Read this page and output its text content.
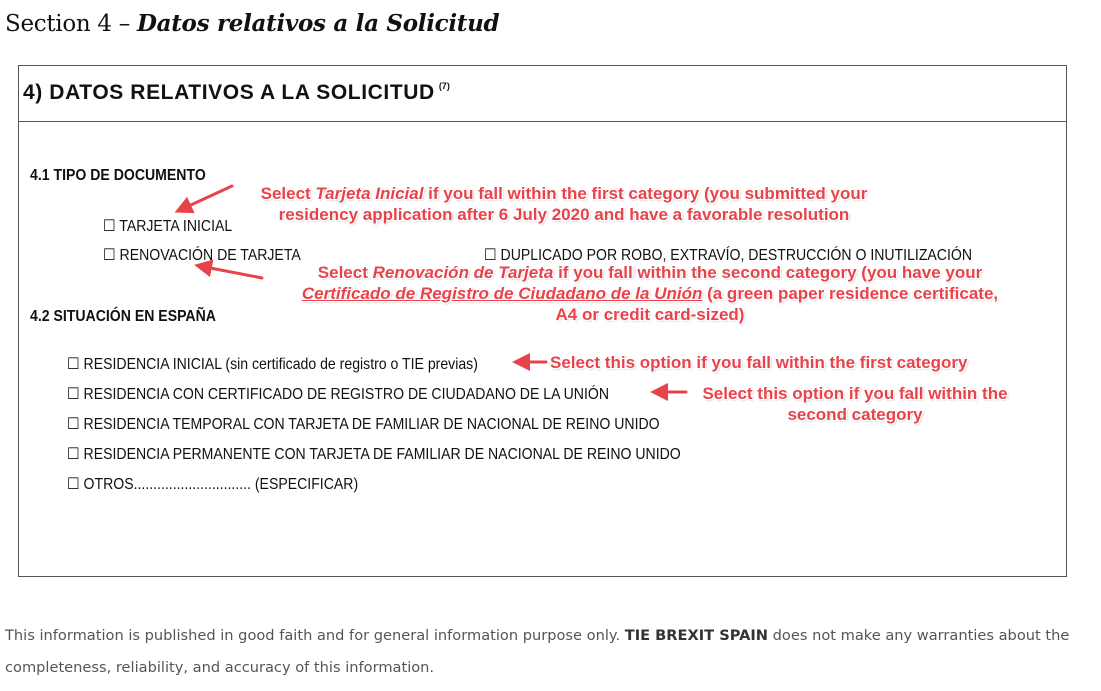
Section 4 – Datos relativos a la Solicitud
4) DATOS RELATIVOS A LA SOLICITUD $^{(7)}$
4.1 TIPO DE DOCUMENTO
☐ TARJETA INICIAL
☐ RENOVACIÓN DE TARJETA	☐ DUPLICADO POR ROBO, EXTRAVÍO, DESTRUCCIÓN O INUTILIZACIÓN
4.2 SITUACIÓN EN ESPAÑA
☐ RESIDENCIA INICIAL (sin certificado de registro o TIE previas)
☐ RESIDENCIA CON CERTIFICADO DE REGISTRO DE CIUDADANO DE LA UNIÓN
☐ RESIDENCIA TEMPORAL CON TARJETA DE FAMILIAR DE NACIONAL DE REINO UNIDO
☐ RESIDENCIA PERMANENTE CON TARJETA DE FAMILIAR DE NACIONAL DE REINO UNIDO
☐ OTROS.............................. (ESPECIFICAR)
Select Tarjeta Inicial if you fall within the first category (you submitted your
residency application after 6 July 2020 and have a favorable resolution
Select Renovación de Tarjeta if you fall within the second category (you have your
Certificado de Registro de Ciudadano de la Unión (a green paper residence certificate,
A4 or credit card-sized)
Select this option if you fall within the first category
Select this option if you fall within the
second category
This information is published in good faith and for general information purpose only. TIE BREXIT SPAIN does not make any warranties about the completeness, reliability, and accuracy of this information.
